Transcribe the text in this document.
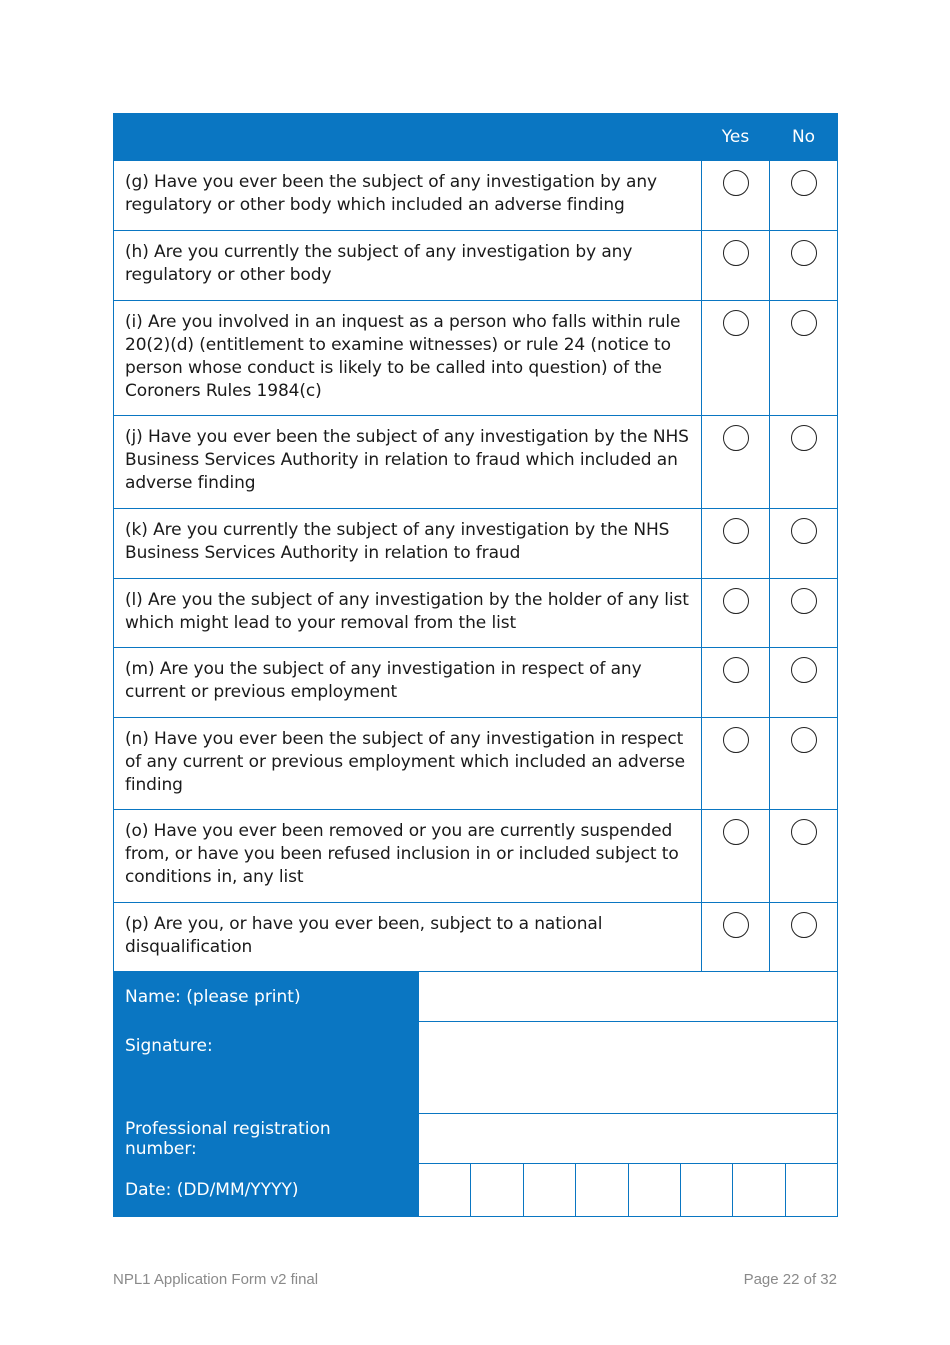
	Yes	No

(g) Have you ever been the subject of any investigation by any regulatory or other body which included an adverse finding		

(h) Are you currently the subject of any investigation by any regulatory or other body		

(i) Are you involved in an inquest as a person who falls within rule 20(2)(d) (entitlement to examine witnesses) or rule 24 (notice to person whose conduct is likely to be called into question) of the Coroners Rules 1984(c)		

(j) Have you ever been the subject of any investigation by the NHS Business Services Authority in relation to fraud which included an adverse finding		

(k) Are you currently the subject of any investigation by the NHS Business Services Authority in relation to fraud		

(l) Are you the subject of any investigation by the holder of any list which might lead to your removal from the list		

(m) Are you the subject of any investigation in respect of any current or previous employment		

(n) Have you ever been the subject of any investigation in respect of any current or previous employment which included an adverse finding		

(o) Have you ever been removed or you are currently suspended from, or have you been refused inclusion in or included subject to conditions in, any list		

(p) Are you, or have you ever been, subject to a national disqualification		

Name: (please print)	
Signature:	
Professional registration number:	
Date: (DD/MM/YYYY)	
NPL1 Application Form v2 final	Page 22 of 32
